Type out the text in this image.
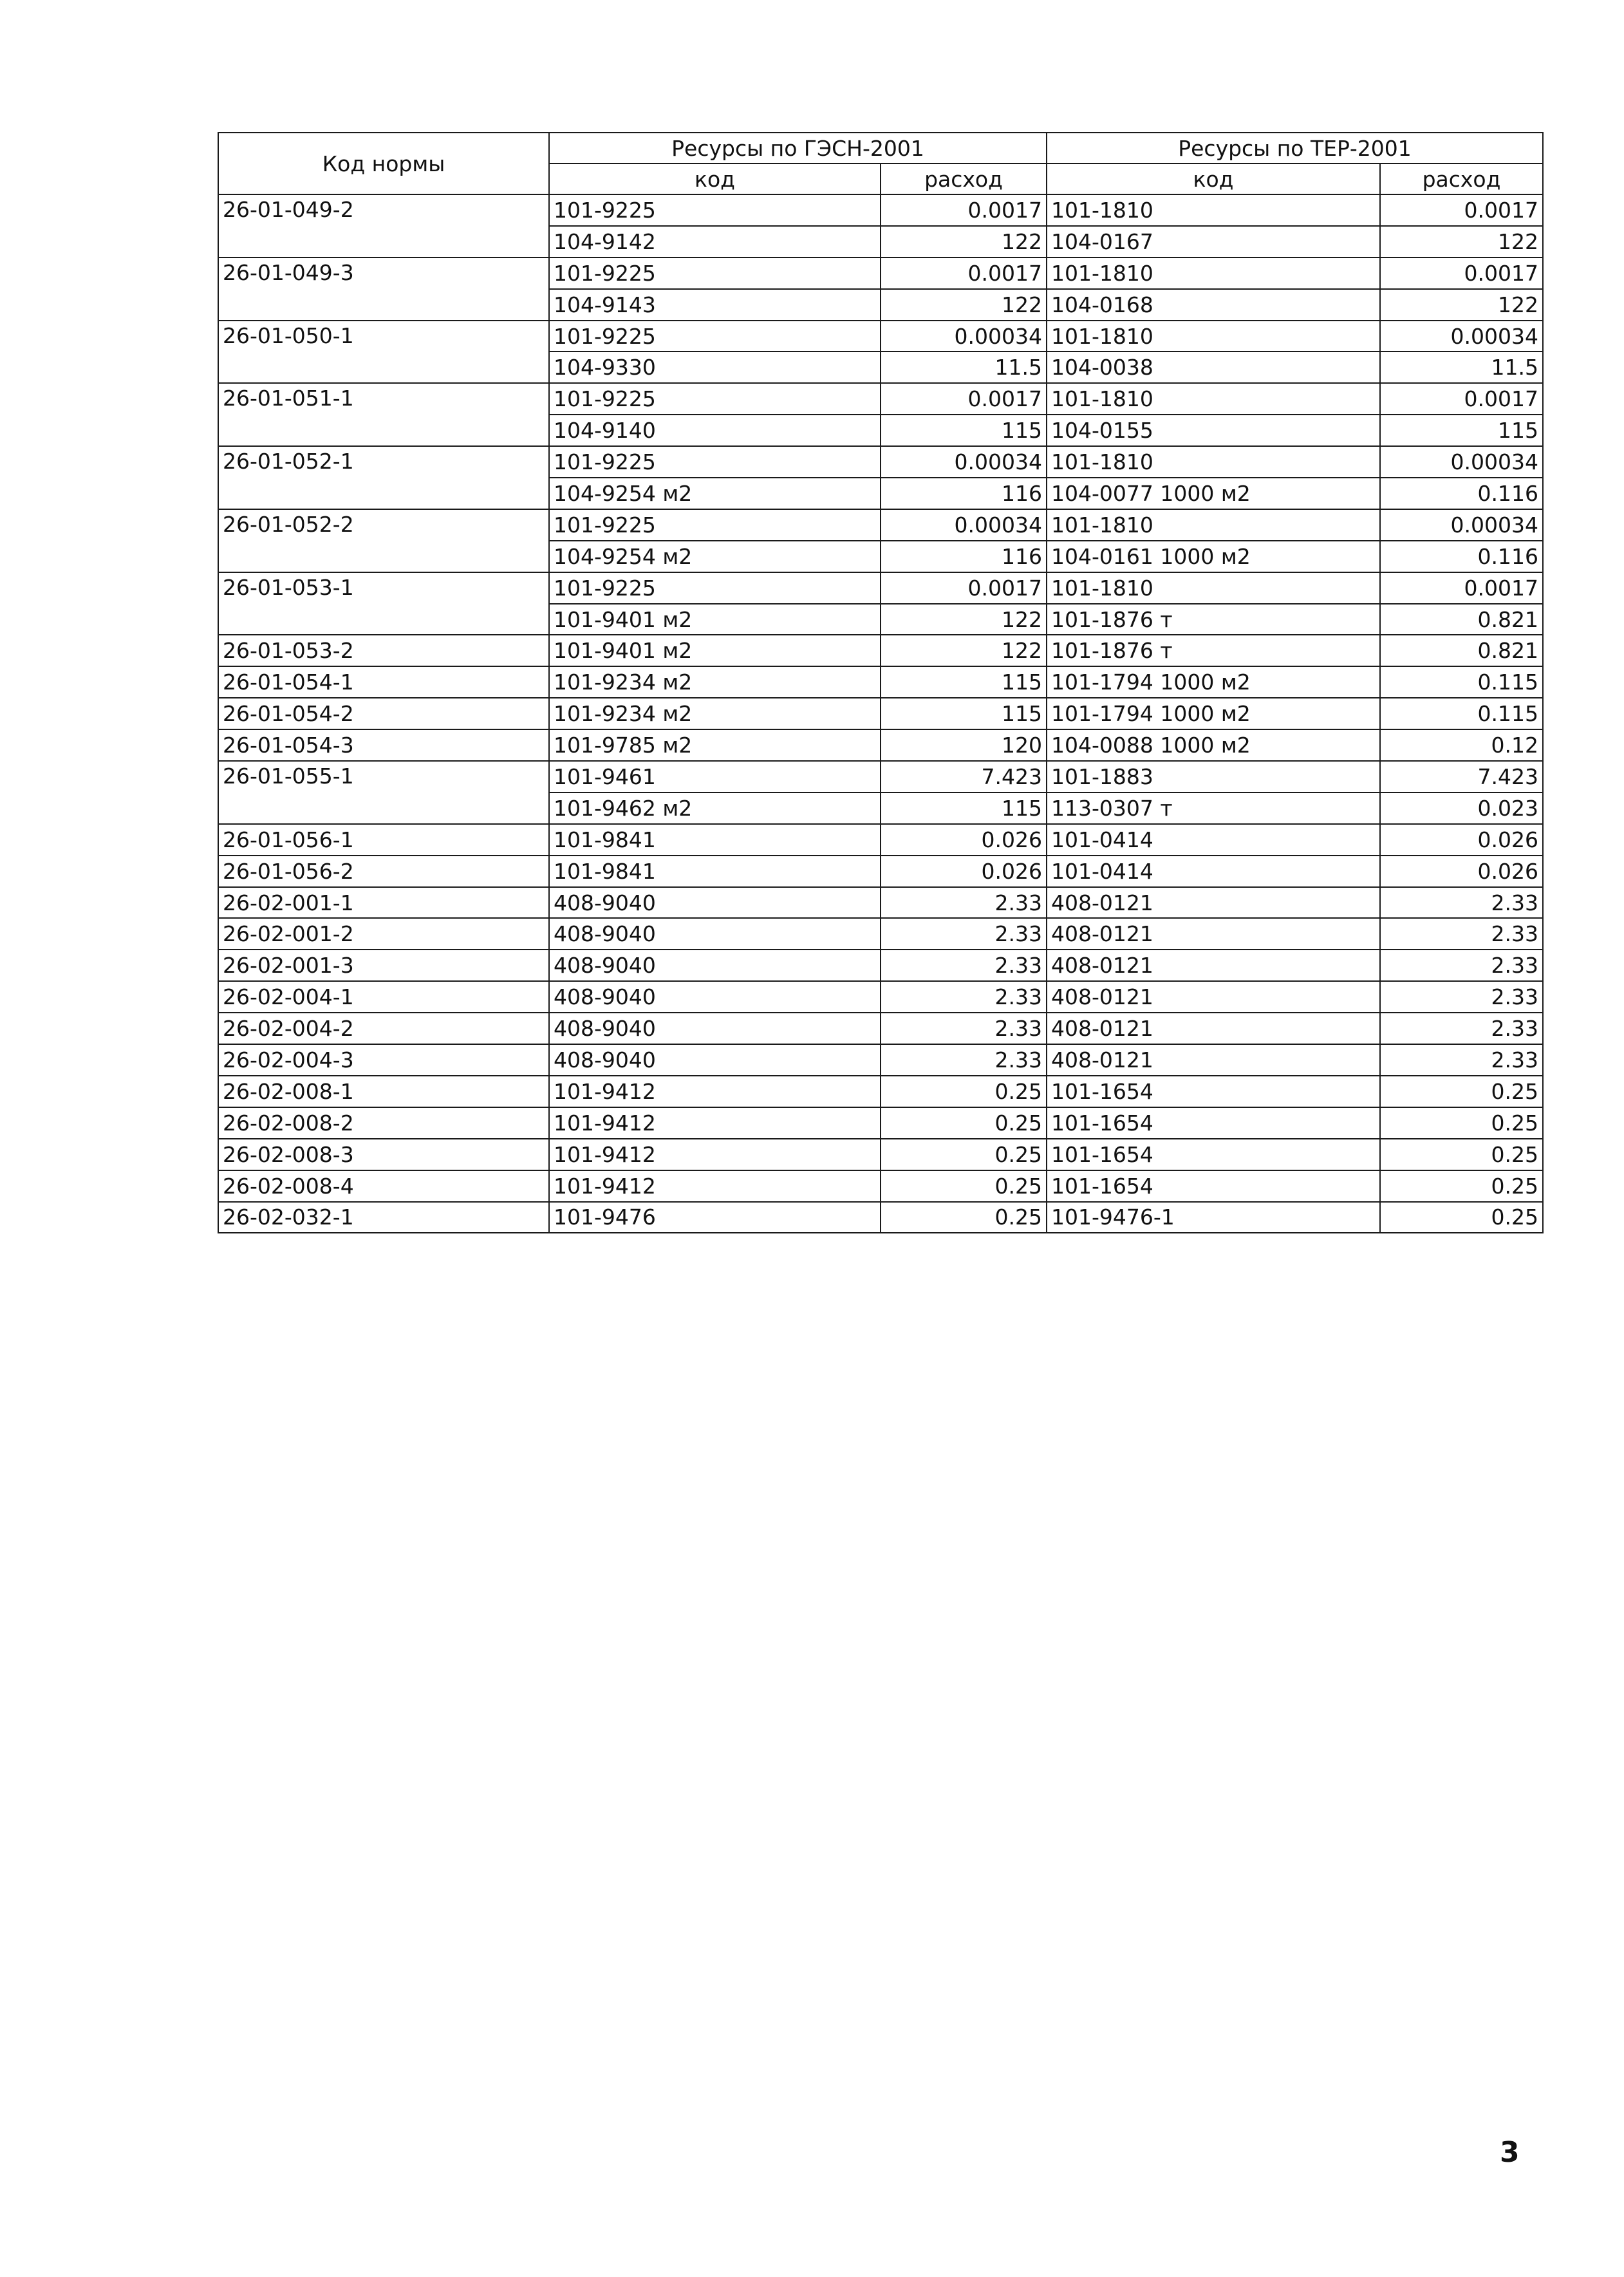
Код нормы	Ресурсы по ГЭСН-2001		Ресурсы по ТЕР-2001	
	код	расход	код	расход
26-01-049-2	101-9225	0.0017	101-1810	0.0017
	104-9142	122	104-0167	122
26-01-049-3	101-9225	0.0017	101-1810	0.0017
	104-9143	122	104-0168	122
26-01-050-1	101-9225	0.00034	101-1810	0.00034
	104-9330	11.5	104-0038	11.5
26-01-051-1	101-9225	0.0017	101-1810	0.0017
	104-9140	115	104-0155	115
26-01-052-1	101-9225	0.00034	101-1810	0.00034
	104-9254 м2	116	104-0077 1000 м2	0.116
26-01-052-2	101-9225	0.00034	101-1810	0.00034
	104-9254 м2	116	104-0161 1000 м2	0.116
26-01-053-1	101-9225	0.0017	101-1810	0.0017
	101-9401 м2	122	101-1876 т	0.821
26-01-053-2	101-9401 м2	122	101-1876 т	0.821
26-01-054-1	101-9234 м2	115	101-1794 1000 м2	0.115
26-01-054-2	101-9234 м2	115	101-1794 1000 м2	0.115
26-01-054-3	101-9785 м2	120	104-0088 1000 м2	0.12
26-01-055-1	101-9461	7.423	101-1883	7.423
	101-9462 м2	115	113-0307 т	0.023
26-01-056-1	101-9841	0.026	101-0414	0.026
26-01-056-2	101-9841	0.026	101-0414	0.026
26-02-001-1	408-9040	2.33	408-0121	2.33
26-02-001-2	408-9040	2.33	408-0121	2.33
26-02-001-3	408-9040	2.33	408-0121	2.33
26-02-004-1	408-9040	2.33	408-0121	2.33
26-02-004-2	408-9040	2.33	408-0121	2.33
26-02-004-3	408-9040	2.33	408-0121	2.33
26-02-008-1	101-9412	0.25	101-1654	0.25
26-02-008-2	101-9412	0.25	101-1654	0.25
26-02-008-3	101-9412	0.25	101-1654	0.25
26-02-008-4	101-9412	0.25	101-1654	0.25
26-02-032-1	101-9476	0.25	101-9476-1	0.25
3
